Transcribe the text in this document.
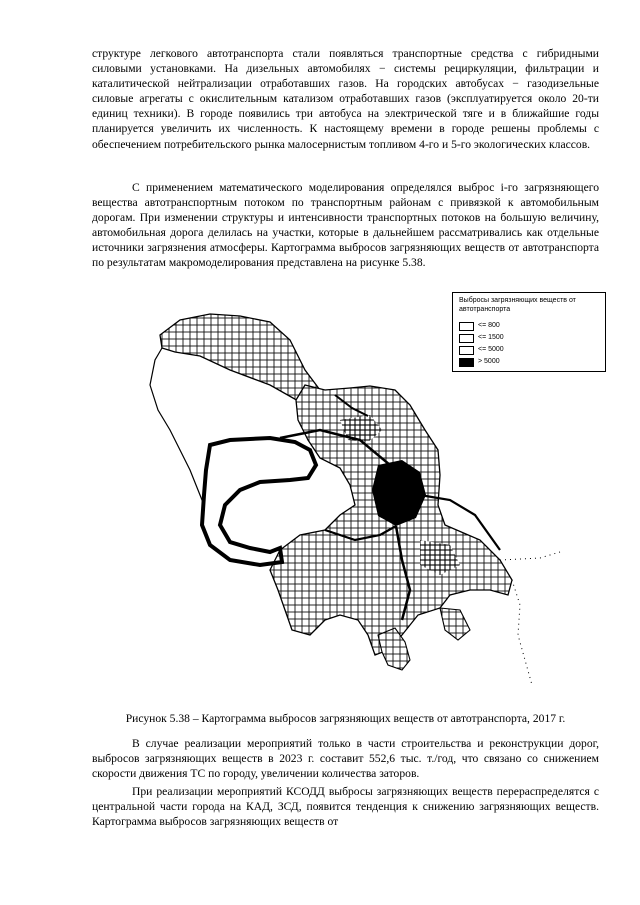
структуре легкового автотранспорта стали появляться транспортные средства с гибридными силовыми установками. На дизельных автомобилях − системы рециркуляции, фильтрации и каталитической нейтрализации отработавших газов. На городских автобусах − газодизельные силовые агрегаты с окислительным катализом отработавших газов (эксплуатируется около 20-ти единиц техники). В городе появились три автобуса на электрической тяге и в ближайшие годы планируется увеличить их численность. К настоящему времени в городе решены проблемы с обеспечением потребительского рынка малосернистым топливом 4-го и 5-го экологических классов.

С применением математического моделирования определялся выброс i-го загрязняющего вещества автотранспортным потоком по транспортным районам с привязкой к автомобильным дорогам. При изменении структуры и интенсивности транспортных потоков на большую величину, автомобильная дорога делилась на участки, которые в дальнейшем рассматривались как отдельные источники загрязнения атмосферы. Картограмма выбросов загрязняющих веществ от автотранспорта по результатам макромоделирования представлена на рисунке 5.38.

Выбросы загрязняющих веществ от автотранспорта
<= 800
<= 1500
<= 5000
> 5000
Рисунок 5.38 – Картограмма выбросов загрязняющих веществ от автотранспорта, 2017 г.

В случае реализации мероприятий только в части строительства и реконструкции дорог, выбросов загрязняющих веществ в 2023 г. составит 552,6 тыс. т./год, что связано со снижением скорости движения ТС по городу, увеличении количества заторов.

При реализации мероприятий КСОДД выбросы загрязняющих веществ перераспределятся с центральной части города на КАД, ЗСД, появится тенденция к снижению загрязняющих веществ. Картограмма выбросов загрязняющих веществ от
